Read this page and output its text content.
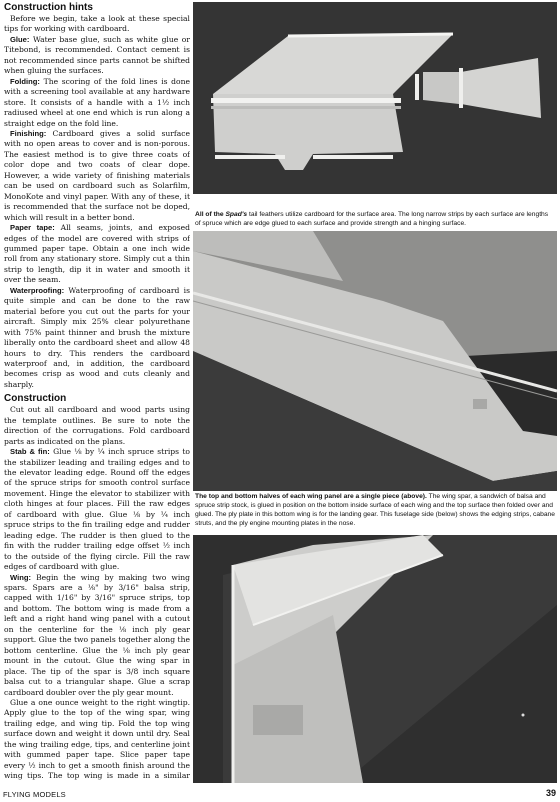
Construction hints

Before we begin, take a look at these special tips for working with cardboard.

Glue: Water base glue, such as white glue or Titebond, is recommended. Contact cement is not recommended since parts cannot be shifted when gluing the surfaces.

Folding: The scoring of the fold lines is done with a screening tool available at any hardware store. It consists of a handle with a 1½ inch radiused wheel at one end which is run along a straight edge on the fold line.

Finishing: Cardboard gives a solid surface with no open areas to cover and is non-porous. The easiest method is to give three coats of color dope and two coats of clear dope. However, a wide variety of finishing materials can be used on cardboard such as Solarfilm, MonoKote and vinyl paper. With any of these, it is recommended that the surface not be doped, which will result in a better bond.

Paper tape: All seams, joints, and exposed edges of the model are covered with strips of gummed paper tape. Obtain a one inch wide roll from any stationary store. Simply cut a thin strip to length, dip it in water and smooth it over the seam.

Waterproofing: Waterproofing of cardboard is quite simple and can be done to the raw material before you cut out the parts for your aircraft. Simply mix 25% clear polyurethane with 75% paint thinner and brush the mixture liberally onto the cardboard sheet and allow 48 hours to dry. This renders the cardboard waterproof and, in addition, the cardboard becomes crisp as wood and cuts cleanly and sharply.

Construction

Cut out all cardboard and wood parts using the template outlines. Be sure to note the direction of the corrugations. Fold cardboard parts as indicated on the plans.

Stab & fin: Glue ⅛ by ¼ inch spruce strips to the stabilizer leading and trailing edges and to the elevator leading edge. Round off the edges of the spruce strips for smooth control surface movement. Hinge the elevator to stabilizer with cloth hinges at four places. Fill the raw edges of cardboard with glue. Glue ⅛ by ¼ inch spruce strips to the fin trailing edge and rudder leading edge. The rudder is then glued to the fin with the rudder trailing edge offset ½ inch to the outside of the flying circle. Fill the raw edges of cardboard with glue.

Wing: Begin the wing by making two wing spars. Spars are a ⅛" by 3/16" balsa strip, capped with 1/16" by 3/16" spruce strips, top and bottom. The bottom wing is made from a left and a right hand wing panel with a cutout on the centerline for the ⅛ inch ply gear support. Glue the two panels together along the bottom centerline. Glue the ⅛ inch ply gear mount in the cutout. Glue the wing spar in place. The tip of the spar is 3/8 inch square balsa cut to a triangular shape. Glue a scrap cardboard doubler over the ply gear mount.

Glue a one ounce weight to the right wingtip. Apply glue to the top of the wing spar, wing trailing edge, and wing tip. Fold the top wing surface down and weight it down until dry. Seal the wing trailing edge, tips, and centerline joint with gummed paper tape. Slice paper tape every ½ inch to get a smooth finish around the wing tips. The top wing is made in a similar

All of the Spad's tail feathers utilize cardboard for the surface area. The long narrow strips by each surface are lengths of spruce which are edge glued to each surface and provide strength and a hinging surface.
The top and bottom halves of each wing panel are a single piece (above). The wing spar, a sandwich of balsa and spruce strip stock, is glued in position on the bottom inside surface of each wing and the top surface then folded over and glued. The ply plate in this bottom wing is for the landing gear. This fuselage side (below) shows the edging strips, cabane struts, and the ply engine mounting plates in the nose.
FLYING MODELS	39
